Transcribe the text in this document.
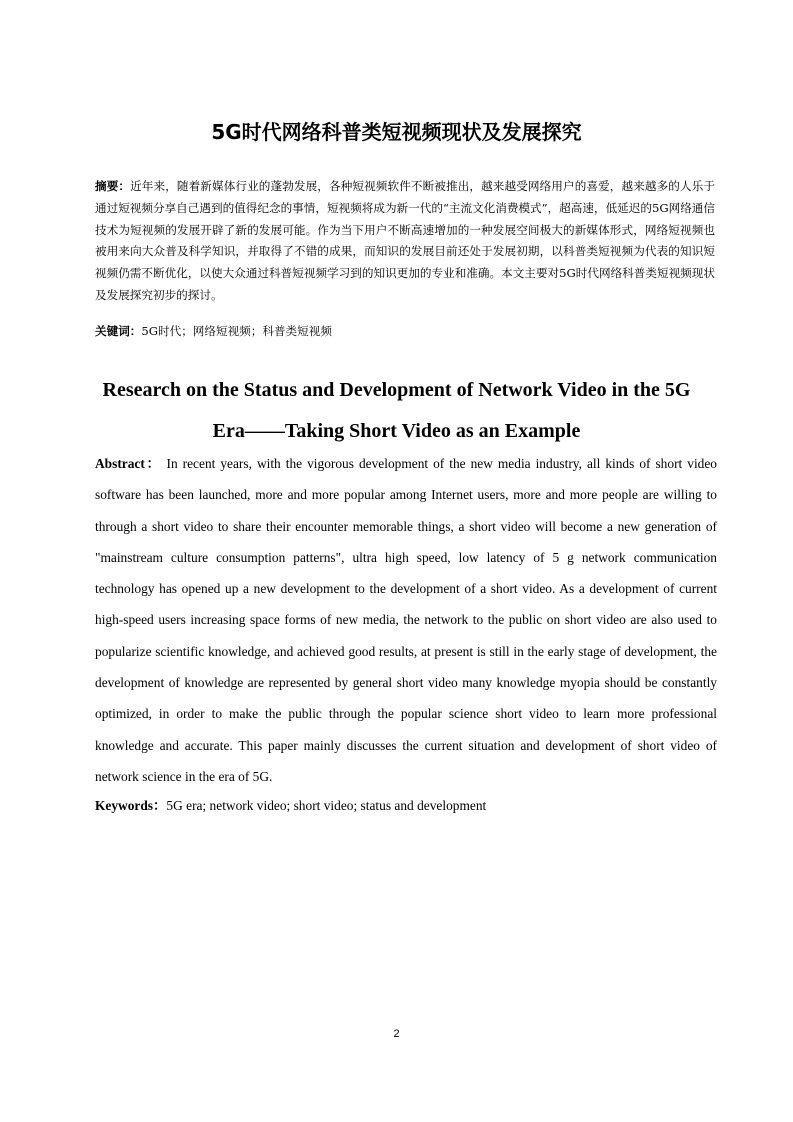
5G时代网络科普类短视频现状及发展探究

摘要：近年来，随着新媒体行业的蓬勃发展，各种短视频软件不断被推出，越来越受网络用户的喜爱，越来越多的人乐于通过短视频分享自己遇到的值得纪念的事情，短视频将成为新一代的“主流文化消费模式”，超高速，低延迟的5G网络通信技术为短视频的发展开辟了新的发展可能。作为当下用户不断高速增加的一种发展空间极大的新媒体形式，网络短视频也被用来向大众普及科学知识，并取得了不错的成果，而知识的发展目前还处于发展初期，以科普类短视频为代表的知识短视频仍需不断优化，以使大众通过科普短视频学习到的知识更加的专业和准确。本文主要对5G时代网络科普类短视频现状及发展探究初步的探讨。

关键词：5G时代；网络短视频；科普类短视频

Research on the Status and Development of Network Video in the 5G Era——Taking Short Video as an Example

Abstract： In recent years, with the vigorous development of the new media industry, all kinds of short video software has been launched, more and more popular among Internet users, more and more people are willing to through a short video to share their encounter memorable things, a short video will become a new generation of "mainstream culture consumption patterns", ultra high speed, low latency of 5 g network communication technology has opened up a new development to the development of a short video. As a development of current high-speed users increasing space forms of new media, the network to the public on short video are also used to popularize scientific knowledge, and achieved good results, at present is still in the early stage of development, the development of knowledge are represented by general short video many knowledge myopia should be constantly optimized, in order to make the public through the popular science short video to learn more professional knowledge and accurate. This paper mainly discusses the current situation and development of short video of network science in the era of 5G.

Keywords：5G era; network video; short video; status and development

2
